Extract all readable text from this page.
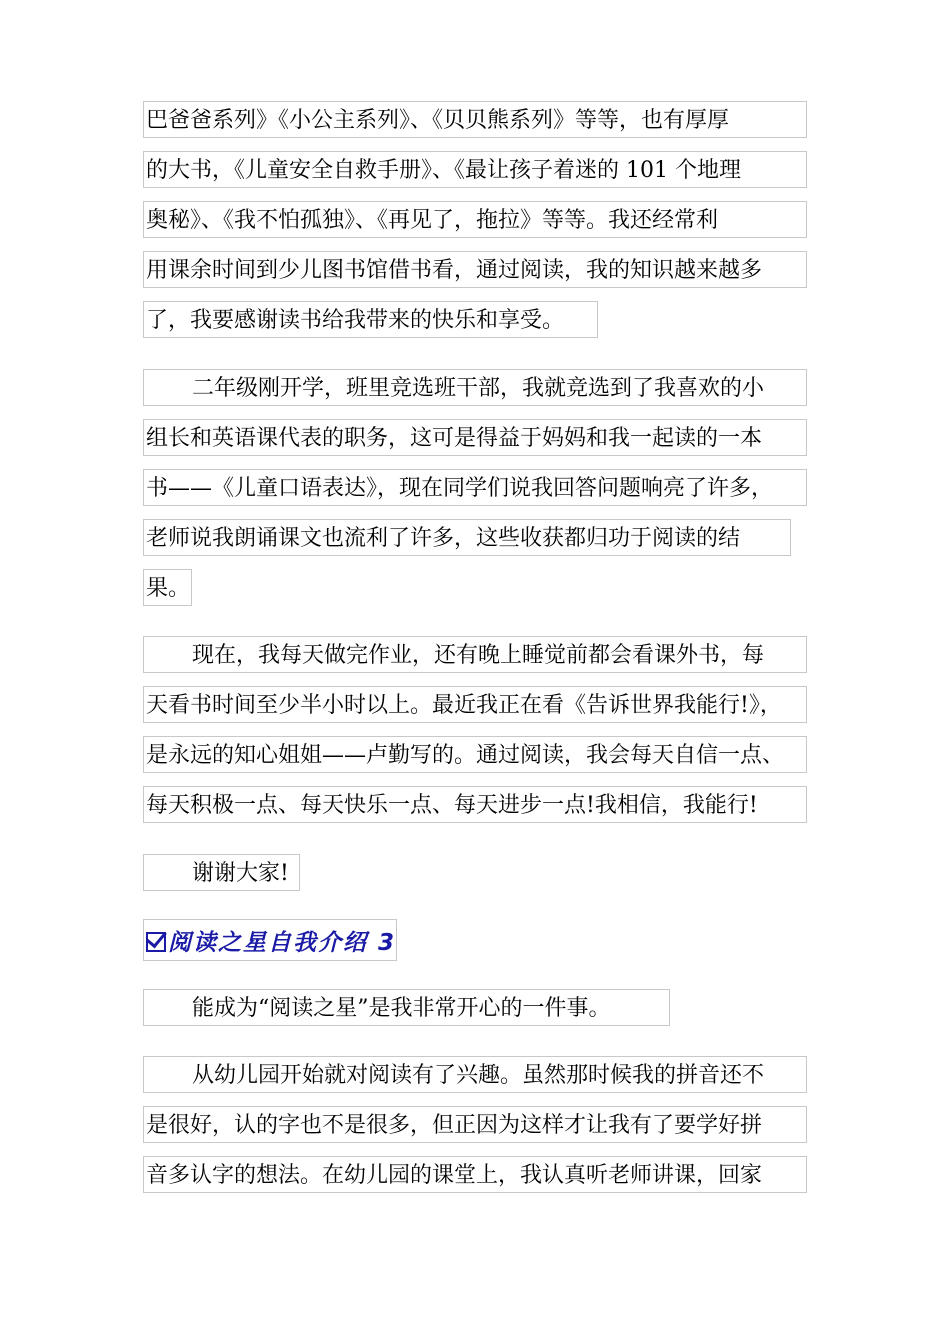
巴爸爸系列》《小公主系列》、《贝贝熊系列》等等，也有厚厚
的大书，《儿童安全自救手册》、《最让孩子着迷的 101 个地理
奥秘》、《我不怕孤独》、《再见了，拖拉》等等。我还经常利
用课余时间到少儿图书馆借书看，通过阅读，我的知识越来越多
了，我要感谢读书给我带来的快乐和享受。
二年级刚开学，班里竞选班干部，我就竞选到了我喜欢的小
组长和英语课代表的职务，这可是得益于妈妈和我一起读的一本
书——《儿童口语表达》，现在同学们说我回答问题响亮了许多，
老师说我朗诵课文也流利了许多，这些收获都归功于阅读的结
果。
现在，我每天做完作业，还有晚上睡觉前都会看课外书，每
天看书时间至少半小时以上。最近我正在看《告诉世界我能行!》，
是永远的知心姐姐——卢勤写的。通过阅读，我会每天自信一点、
每天积极一点、每天快乐一点、每天进步一点!我相信，我能行!
谢谢大家!
阅读之星自我介绍 3
能成为“阅读之星”是我非常开心的一件事。
从幼儿园开始就对阅读有了兴趣。虽然那时候我的拼音还不
是很好，认的字也不是很多，但正因为这样才让我有了要学好拼
音多认字的想法。在幼儿园的课堂上，我认真听老师讲课，回家
